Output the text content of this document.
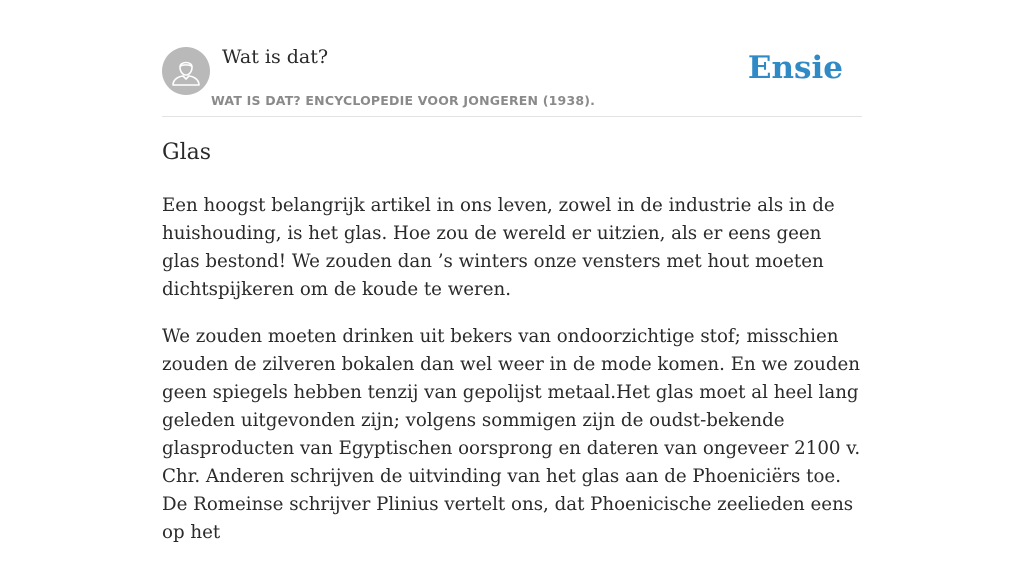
Wat is dat?
WAT IS DAT? ENCYCLOPEDIE VOOR JONGEREN (1938).
Ensie
Glas

Een hoogst belangrijk artikel in ons leven, zowel in de industrie als in de huishouding, is het glas. Hoe zou de wereld er uitzien, als er eens geen glas bestond! We zouden dan ’s winters onze vensters met hout moeten dichtspijkeren om de koude te weren.

We zouden moeten drinken uit bekers van ondoorzichtige stof; misschien zouden de zilveren bokalen dan wel weer in de mode komen. En we zouden geen spiegels hebben tenzij van gepolijst metaal.Het glas moet al heel lang geleden uitgevonden zijn; volgens sommigen zijn de oudst-bekende glasproducten van Egyptischen oorsprong en dateren van ongeveer 2100 v. Chr. Anderen schrijven de uitvinding van het glas aan de Phoeniciërs toe.

De Romeinse schrijver Plinius vertelt ons, dat Phoenicische zeelieden eens op het
